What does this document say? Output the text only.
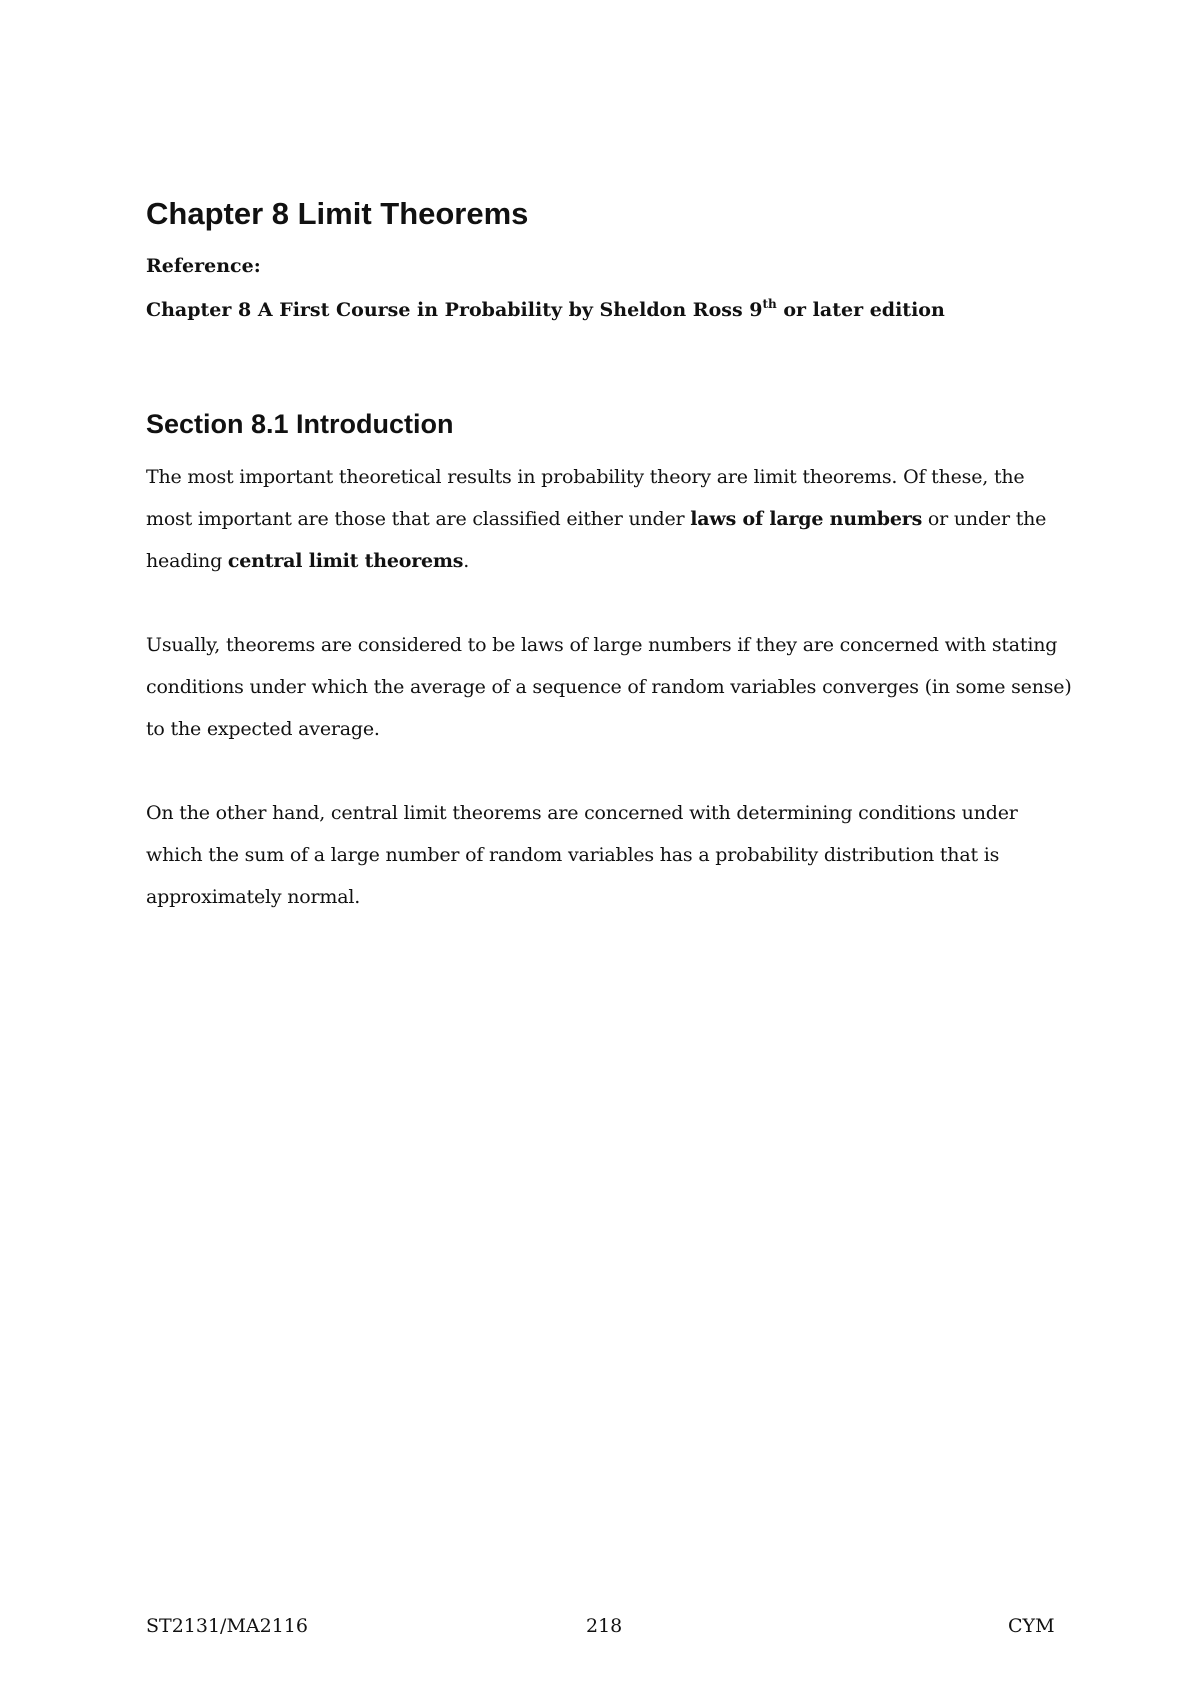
Chapter 8 Limit Theorems

Reference:

Chapter 8 A First Course in Probability by Sheldon Ross 9th or later edition

Section 8.1 Introduction

The most important theoretical results in probability theory are limit theorems. Of these, the most important are those that are classified either under laws of large numbers or under the heading central limit theorems.

Usually, theorems are considered to be laws of large numbers if they are concerned with stating conditions under which the average of a sequence of random variables converges (in some sense) to the expected average.

On the other hand, central limit theorems are concerned with determining conditions under which the sum of a large number of random variables has a probability distribution that is approximately normal.

ST2131/MA2116	218	CYM
